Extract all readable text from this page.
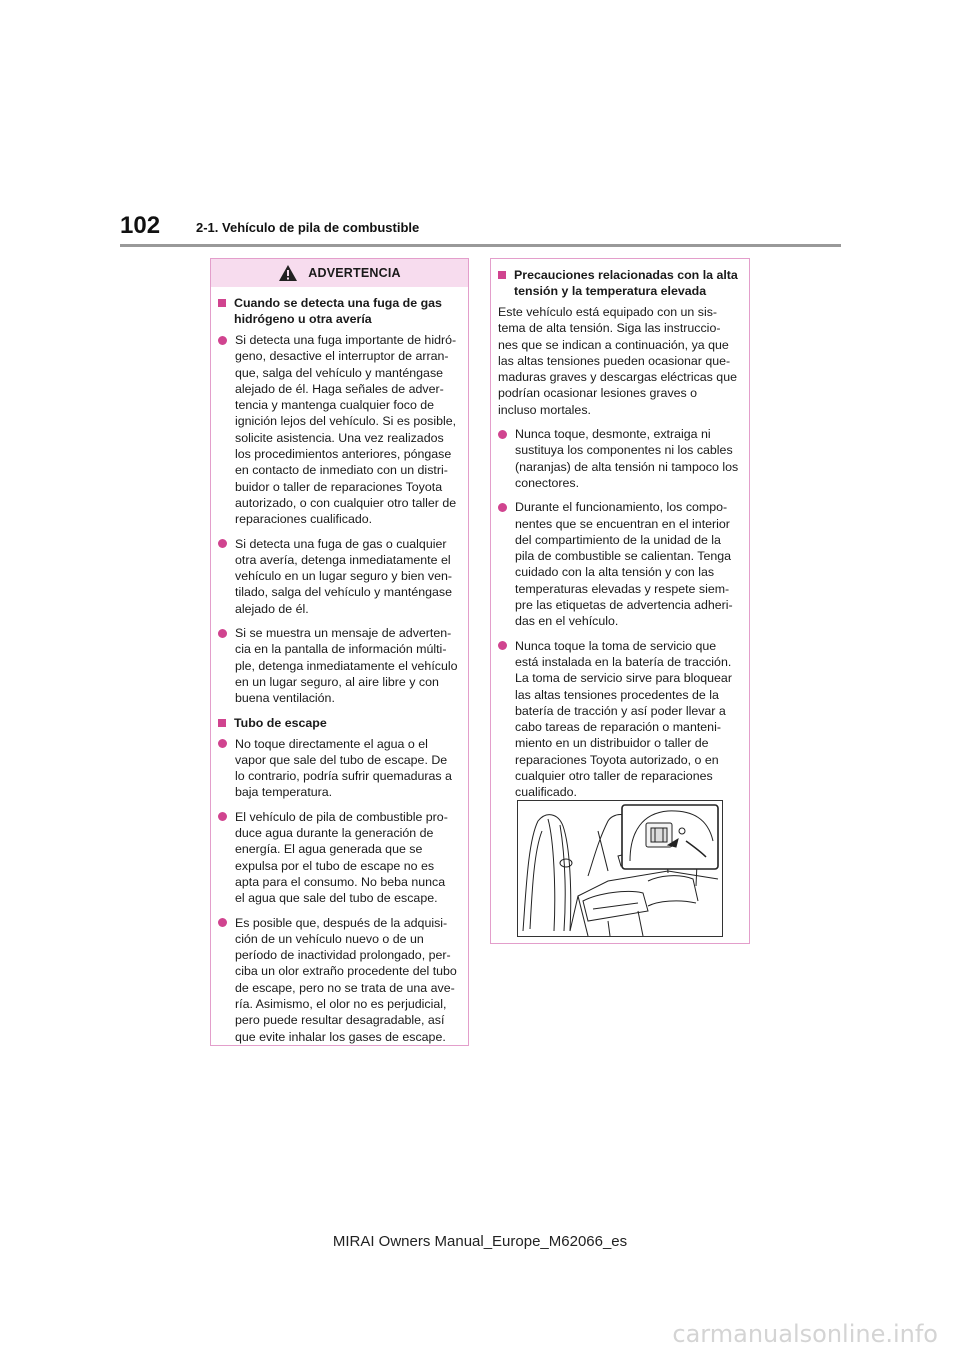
102	2-1. Vehículo de pila de combustible
ADVERTENCIA
Cuando se detecta una fuga de gas hidrógeno u otra avería
Si detecta una fuga importante de hidró-geno, desactive el interruptor de arran-que, salga del vehículo y manténgase alejado de él. Haga señales de adver-tencia y mantenga cualquier foco de ignición lejos del vehículo. Si es posible, solicite asistencia. Una vez realizados los procedimientos anteriores, póngase en contacto de inmediato con un distri-buidor o taller de reparaciones Toyota autorizado, o con cualquier otro taller de reparaciones cualificado.
Si detecta una fuga de gas o cualquier otra avería, detenga inmediatamente el vehículo en un lugar seguro y bien ven-tilado, salga del vehículo y manténgase alejado de él.
Si se muestra un mensaje de adverten-cia en la pantalla de información múlti-ple, detenga inmediatamente el vehículo en un lugar seguro, al aire libre y con buena ventilación.
Tubo de escape
No toque directamente el agua o el vapor que sale del tubo de escape. De lo contrario, podría sufrir quemaduras a baja temperatura.
El vehículo de pila de combustible pro-duce agua durante la generación de energía. El agua generada que se expulsa por el tubo de escape no es apta para el consumo. No beba nunca el agua que sale del tubo de escape.
Es posible que, después de la adquisi-ción de un vehículo nuevo o de un período de inactividad prolongado, per-ciba un olor extraño procedente del tubo de escape, pero no se trata de una ave-ría. Asimismo, el olor no es perjudicial, pero puede resultar desagradable, así que evite inhalar los gases de escape.
Precauciones relacionadas con la alta tensión y la temperatura elevada
Este vehículo está equipado con un sis-tema de alta tensión. Siga las instruccio-nes que se indican a continuación, ya que las altas tensiones pueden ocasionar que-maduras graves y descargas eléctricas que podrían ocasionar lesiones graves o incluso mortales.
Nunca toque, desmonte, extraiga ni sustituya los componentes ni los cables (naranjas) de alta tensión ni tampoco los conectores.
Durante el funcionamiento, los compo-nentes que se encuentran en el interior del compartimiento de la unidad de la pila de combustible se calientan. Tenga cuidado con la alta tensión y con las temperaturas elevadas y respete siem-pre las etiquetas de advertencia adheri-das en el vehículo.
Nunca toque la toma de servicio que está instalada en la batería de tracción. La toma de servicio sirve para bloquear las altas tensiones procedentes de la batería de tracción y así poder llevar a cabo tareas de reparación o manteni-miento en un distribuidor o taller de reparaciones Toyota autorizado, o en cualquier otro taller de reparaciones cualificado.
MIRAI Owners Manual_Europe_M62066_es
carmanualsonline.info
